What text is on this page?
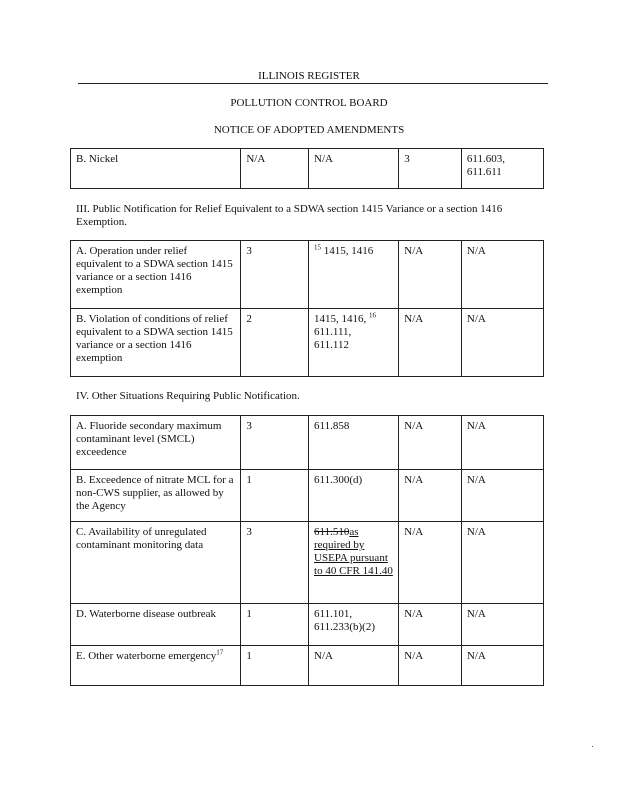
ILLINOIS REGISTER
POLLUTION CONTROL BOARD
NOTICE OF ADOPTED AMENDMENTS
B. Nickel	N/A	N/A	3	611.603,
611.611
III. Public Notification for Relief Equivalent to a SDWA section 1415 Variance or a section 1416 Exemption.
A. Operation under relief equivalent to a SDWA section 1415 variance or a section 1416 exemption	3	$^{15}$ 1415, 1416	N/A	N/A
B. Violation of conditions of relief equivalent to a SDWA section 1415 variance or a section 1416 exemption	2	1415, 1416, $^{16}$
611.111,
611.112	N/A	N/A
IV. Other Situations Requiring Public Notification.
A. Fluoride secondary maximum contaminant level (SMCL) exceedence	3	611.858	N/A	N/A
B. Exceedence of nitrate MCL for a non-CWS supplier, as allowed by the Agency	1	611.300(d)	N/A	N/A
C. Availability of unregulated contaminant monitoring data	3	611.510as required by USEPA pursuant to 40 CFR 141.40	N/A	N/A
D. Waterborne disease outbreak	1	611.101,
611.233(b)(2)	N/A	N/A
E. Other waterborne emergency$^{17}$	1	N/A	N/A	N/A
